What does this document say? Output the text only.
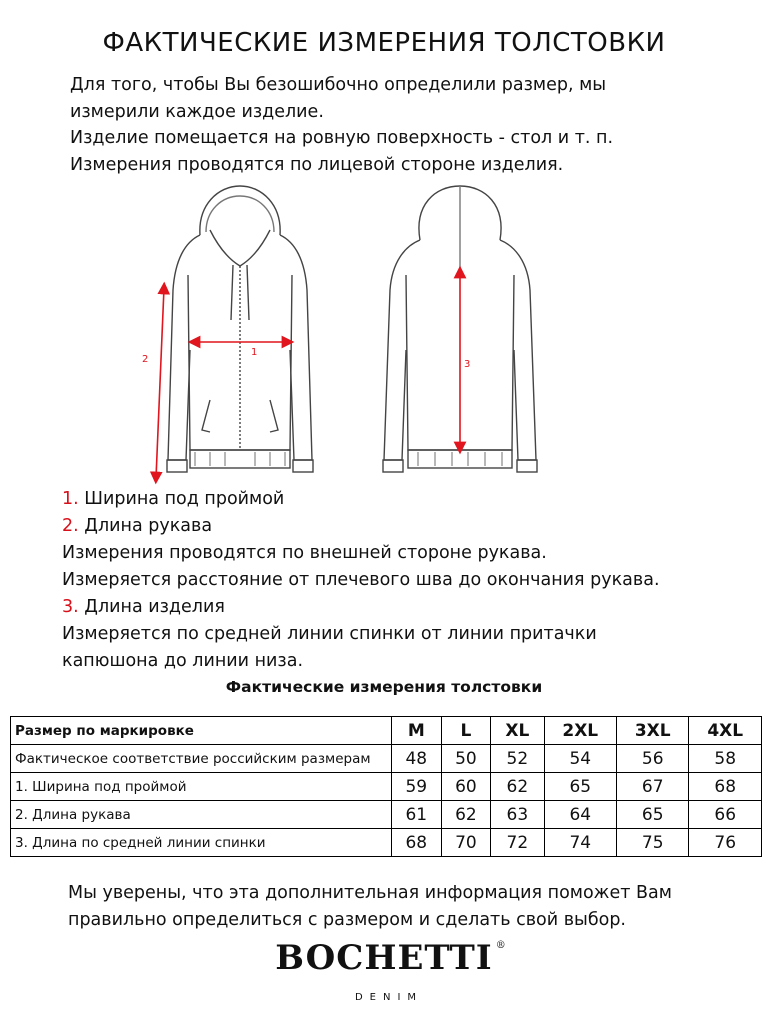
ФАКТИЧЕСКИЕ ИЗМЕРЕНИЯ ТОЛСТОВКИ
Для того, чтобы Вы безошибочно определили размер, мы
измерили каждое изделие.
Изделие помещается на ровную поверхность - стол и т. п.
Измерения проводятся по лицевой стороне изделия.
1
2	3
1. Ширина под проймой
2. Длина рукава
Измерения проводятся по внешней стороне рукава.
Измеряется расстояние от плечевого шва до окончания рукава.
3. Длина изделия
Измеряется по средней линии спинки от линии притачки
капюшона до линии низа.
Фактические измерения толстовки
Размер по маркировке	M	L	XL	2XL	3XL	4XL
Фактическое соответствие российским размерам	48	50	52	54	56	58
1. Ширина под проймой	59	60	62	65	67	68
2. Длина рукава	61	62	63	64	65	66
3. Длина по средней линии спинки	68	70	72	74	75	76
Мы уверены, что эта дополнительная информация поможет Вам
правильно определиться с размером и сделать свой выбор.
BOCHETTI ®
DENIM
